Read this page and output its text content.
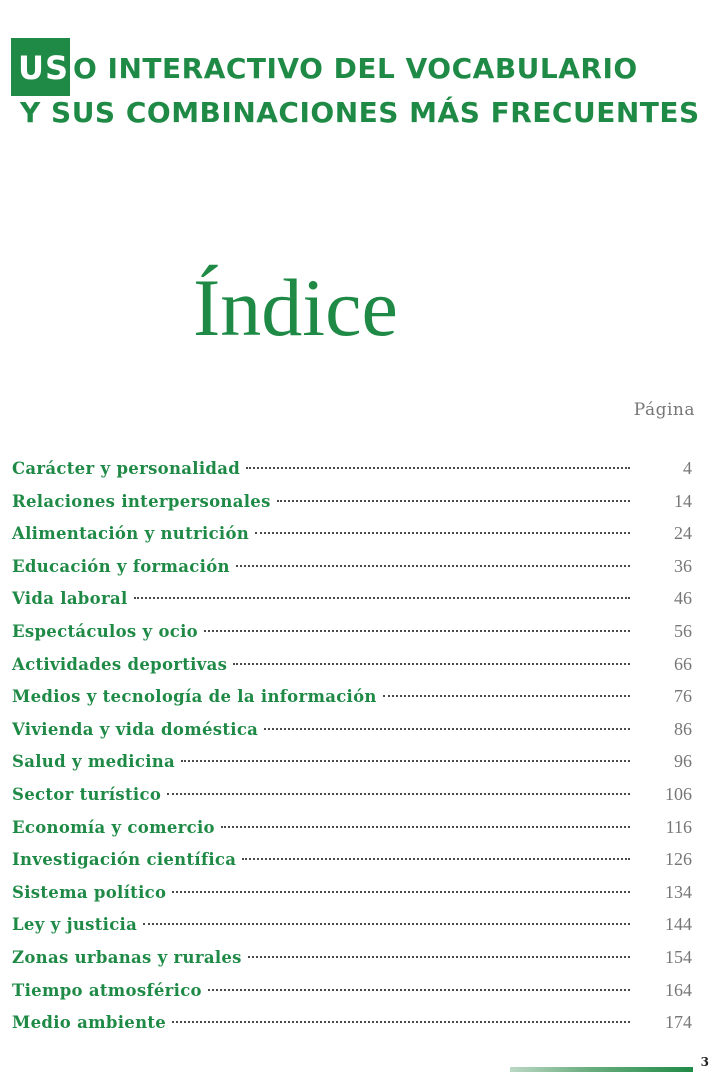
US O INTERACTIVO DEL VOCABULARIO
Y SUS COMBINACIONES MÁS FRECUENTES
Índice
Página
Carácter y personalidad	4
Relaciones interpersonales	14
Alimentación y nutrición	24
Educación y formación	36
Vida laboral	46
Espectáculos y ocio	56
Actividades deportivas	66
Medios y tecnología de la información	76
Vivienda y vida doméstica	86
Salud y medicina	96
Sector turístico	106
Economía y comercio	116
Investigación científica	126
Sistema político	134
Ley y justicia	144
Zonas urbanas y rurales	154
Tiempo atmosférico	164
Medio ambiente	174
3
